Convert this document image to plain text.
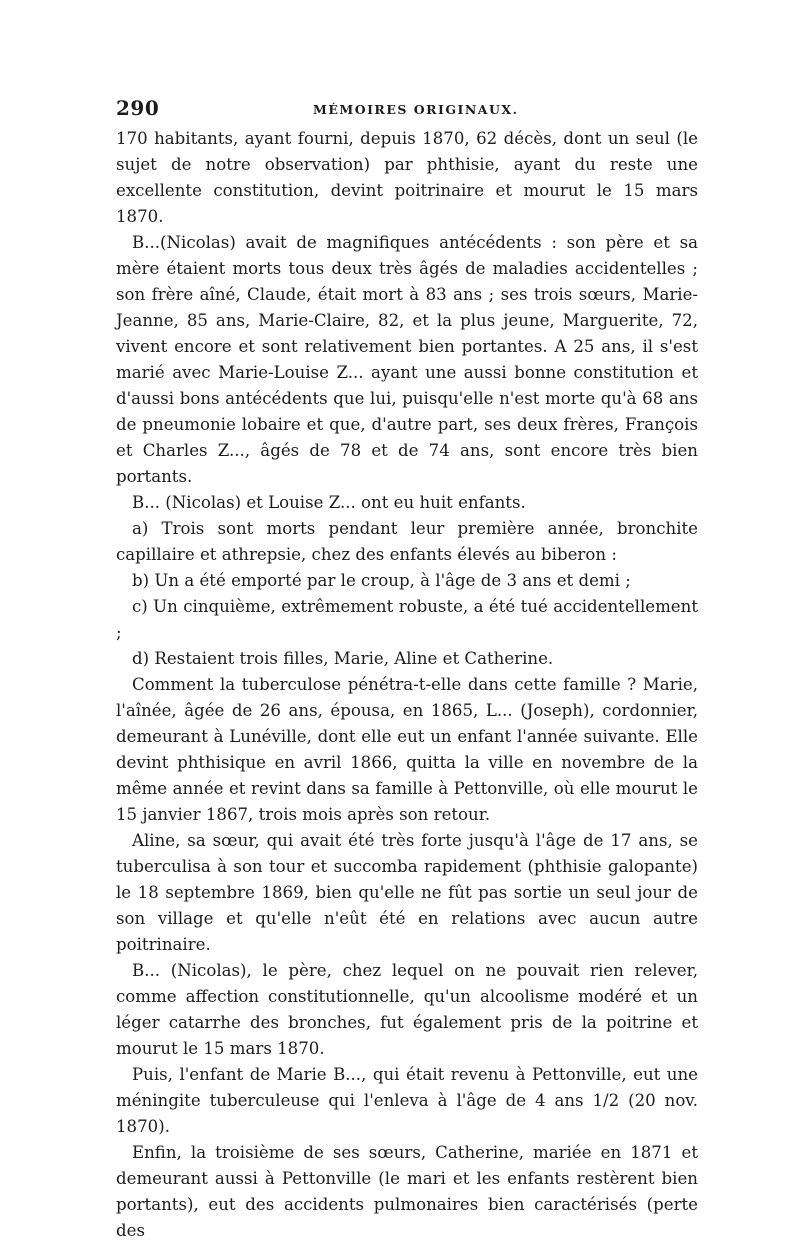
290	MÉMOIRES ORIGINAUX.

170 habitants, ayant fourni, depuis 1870, 62 décès, dont un seul (le sujet de notre observation) par phthisie, ayant du reste une excellente constitution, devint poitrinaire et mourut le 15 mars 1870.

B...(Nicolas) avait de magnifiques antécédents : son père et sa mère étaient morts tous deux très âgés de maladies accidentelles ; son frère aîné, Claude, était mort à 83 ans ; ses trois sœurs, Marie-Jeanne, 85 ans, Marie-Claire, 82, et la plus jeune, Marguerite, 72, vivent encore et sont relativement bien portantes. A 25 ans, il s'est marié avec Marie-Louise Z... ayant une aussi bonne constitution et d'aussi bons antécédents que lui, puisqu'elle n'est morte qu'à 68 ans de pneumonie lobaire et que, d'autre part, ses deux frères, François et Charles Z..., âgés de 78 et de 74 ans, sont encore très bien portants.

B... (Nicolas) et Louise Z... ont eu huit enfants.

a) Trois sont morts pendant leur première année, bronchite capillaire et athrepsie, chez des enfants élevés au biberon :

b) Un a été emporté par le croup, à l'âge de 3 ans et demi ;

c) Un cinquième, extrêmement robuste, a été tué accidentellement ;

d) Restaient trois filles, Marie, Aline et Catherine.

Comment la tuberculose pénétra-t-elle dans cette famille ? Marie, l'aînée, âgée de 26 ans, épousa, en 1865, L... (Joseph), cordonnier, demeurant à Lunéville, dont elle eut un enfant l'année suivante. Elle devint phthisique en avril 1866, quitta la ville en novembre de la même année et revint dans sa famille à Pettonville, où elle mourut le 15 janvier 1867, trois mois après son retour.

Aline, sa sœur, qui avait été très forte jusqu'à l'âge de 17 ans, se tuberculisa à son tour et succomba rapidement (phthisie galopante) le 18 septembre 1869, bien qu'elle ne fût pas sortie un seul jour de son village et qu'elle n'eût été en relations avec aucun autre poitrinaire.

B... (Nicolas), le père, chez lequel on ne pouvait rien relever, comme affection constitutionnelle, qu'un alcoolisme modéré et un léger catarrhe des bronches, fut également pris de la poitrine et mourut le 15 mars 1870.

Puis, l'enfant de Marie B..., qui était revenu à Pettonville, eut une méningite tuberculeuse qui l'enleva à l'âge de 4 ans 1/2 (20 nov. 1870).

Enfin, la troisième de ses sœurs, Catherine, mariée en 1871 et demeurant aussi à Pettonville (le mari et les enfants restèrent bien portants), eut des accidents pulmonaires bien caractérisés (perte des
